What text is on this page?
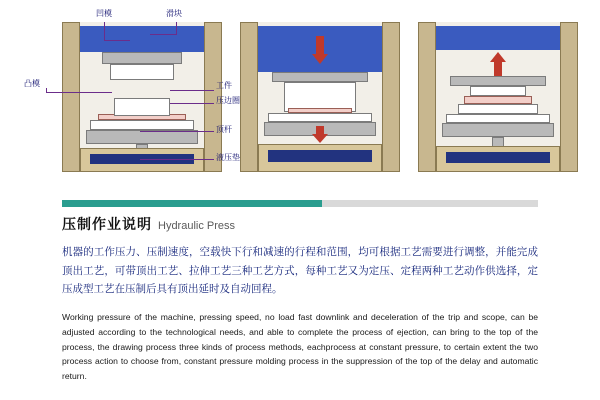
凹模	滑块
凸模	工件
压边圈
顶杆
液压垫
压制作业说明 Hydraulic Press

机器的工作压力、压制速度，空载快下行和减速的行程和范围，均可根据工艺需要进行调整，并能完成顶出工艺，可带顶出工艺、拉伸工艺三种工艺方式，每种工艺又为定压、定程两种工艺动作供选择，定压成型工艺在压制后具有顶出延时及自动回程。

Working pressure of the machine, pressing speed, no load fast downlink and deceleration of the trip and scope, can be adjusted according to the technological needs, and able to complete the process of ejection, can bring to the top of the process, the drawing process three kinds of process methods, eachprocess at constant pressure, to certain extent the two process action to choose from, constant pressure molding process in the suppression of the top of the delay and automatic return.
